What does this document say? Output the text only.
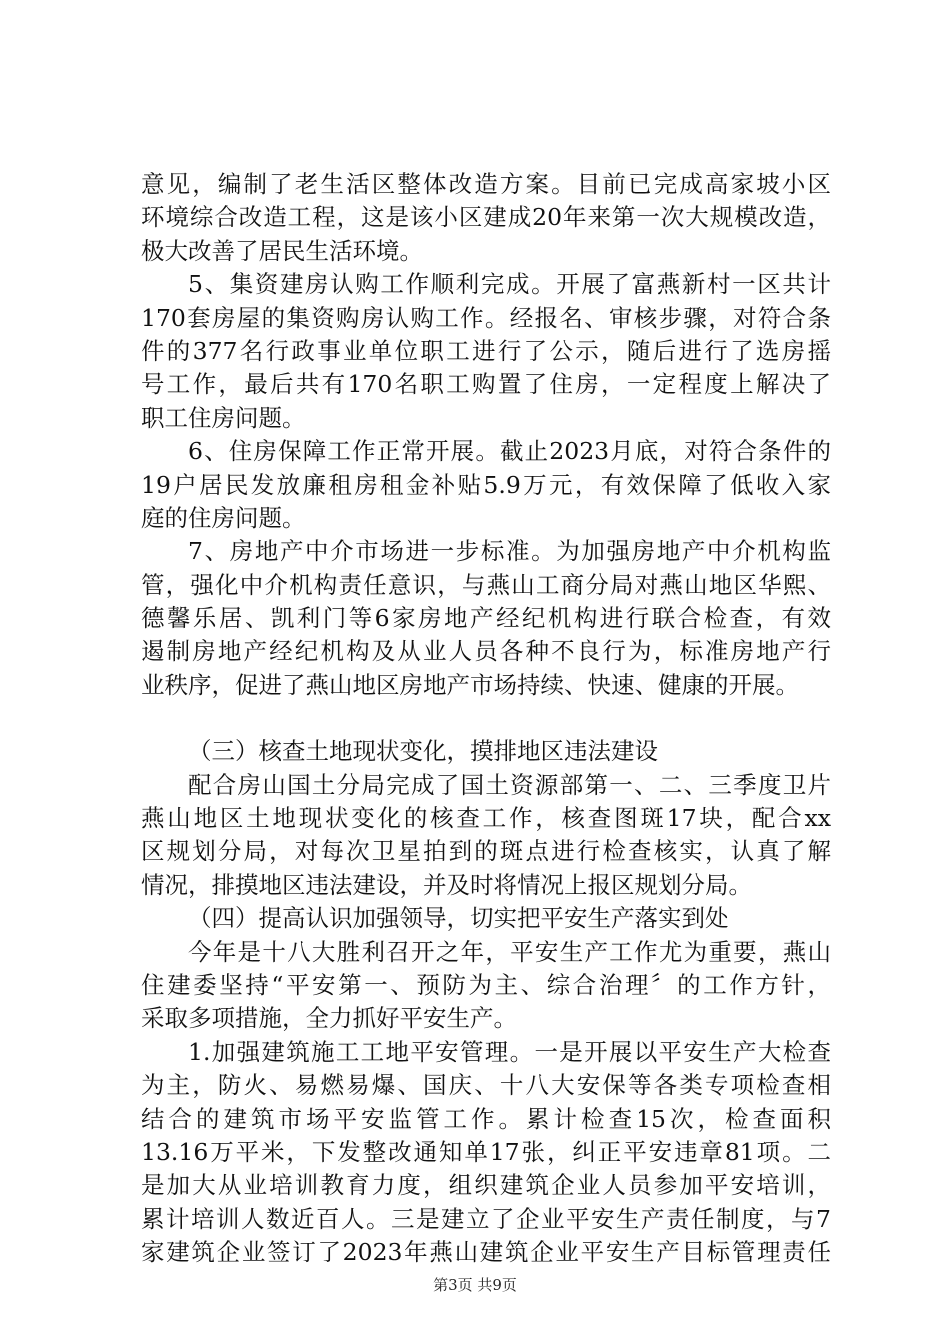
意见，编制了老生活区整体改造方案。目前已完成高家坡小区
环境综合改造工程，这是该小区建成20年来第一次大规模改造，
极大改善了居民生活环境。
5、集资建房认购工作顺利完成。开展了富燕新村一区共计
170套房屋的集资购房认购工作。经报名、审核步骤，对符合条
件的377名行政事业单位职工进行了公示，随后进行了选房摇
号工作，最后共有170名职工购置了住房，一定程度上解决了
职工住房问题。
6、住房保障工作正常开展。截止2023月底，对符合条件的
19户居民发放廉租房租金补贴5.9万元，有效保障了低收入家
庭的住房问题。
7、房地产中介市场进一步标准。为加强房地产中介机构监
管，强化中介机构责任意识，与燕山工商分局对燕山地区华熙、
德馨乐居、凯利门等6家房地产经纪机构进行联合检查，有效
遏制房地产经纪机构及从业人员各种不良行为，标准房地产行
业秩序，促进了燕山地区房地产市场持续、快速、健康的开展。
（三）核查土地现状变化，摸排地区违法建设
配合房山国土分局完成了国土资源部第一、二、三季度卫片
燕山地区土地现状变化的核查工作，核查图斑17块，配合xx
区规划分局，对每次卫星拍到的斑点进行检查核实，认真了解
情况，排摸地区违法建设，并及时将情况上报区规划分局。
（四）提高认识加强领导，切实把平安生产落实到处
今年是十八大胜利召开之年，平安生产工作尤为重要，燕山
住建委坚持“平安第一、预防为主、综合治理〞的工作方针，
采取多项措施，全力抓好平安生产。
1.加强建筑施工工地平安管理。一是开展以平安生产大检查
为主，防火、易燃易爆、国庆、十八大安保等各类专项检查相
结合的建筑市场平安监管工作。累计检查15次，检查面积
13.16万平米，下发整改通知单17张，纠正平安违章81项。二
是加大从业培训教育力度，组织建筑企业人员参加平安培训，
累计培训人数近百人。三是建立了企业平安生产责任制度，与7
家建筑企业签订了2023年燕山建筑企业平安生产目标管理责任
第3页 共9页
